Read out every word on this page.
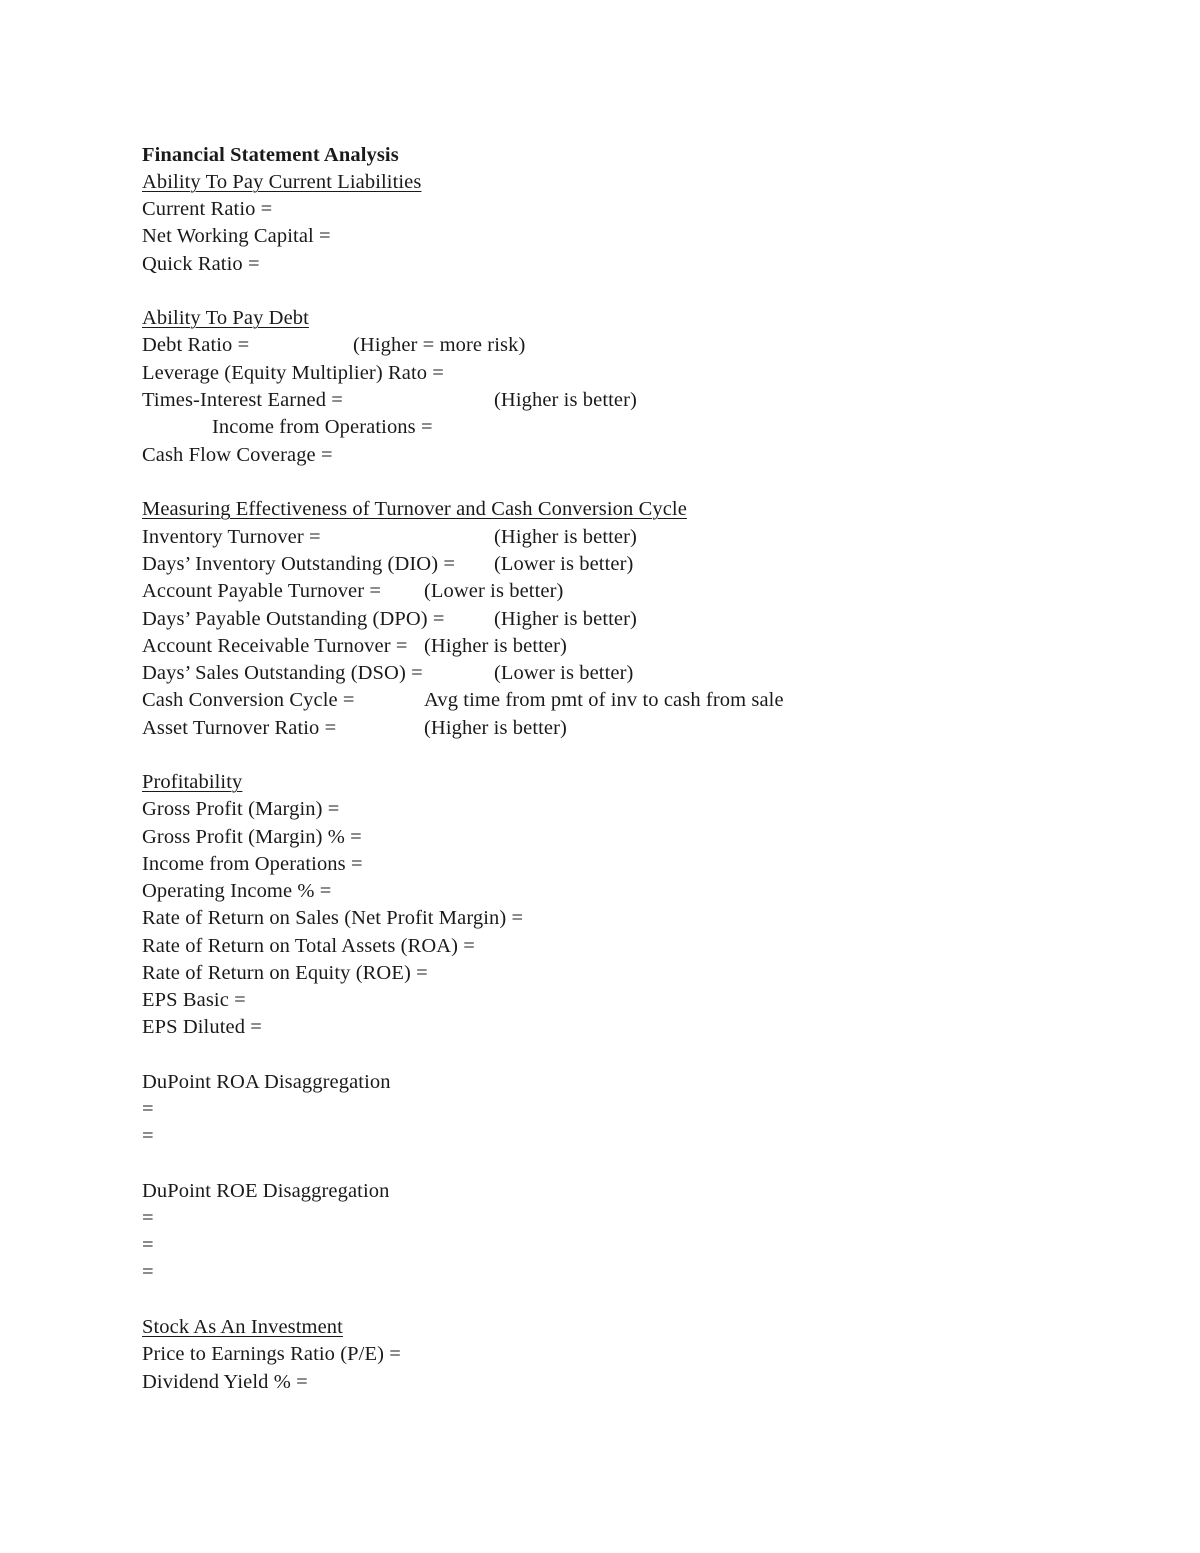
Financial Statement Analysis
Ability To Pay Current Liabilities
Current Ratio =
Net Working Capital =
Quick Ratio =
Ability To Pay Debt
Debt Ratio =	(Higher = more risk)
Leverage (Equity Multiplier) Rato =
Times-Interest Earned =	(Higher is better)
Income from Operations =
Cash Flow Coverage =
Measuring Effectiveness of Turnover and Cash Conversion Cycle
Inventory Turnover =	(Higher is better)
Days’ Inventory Outstanding (DIO) = (Lower is better)
Account Payable Turnover = (Lower is better)
Days’ Payable Outstanding (DPO) = (Higher is better)
Account Receivable Turnover = (Higher is better)
Days’ Sales Outstanding (DSO) =	(Lower is better)
Cash Conversion Cycle =	Avg time from pmt of inv to cash from sale
Asset Turnover Ratio =	(Higher is better)
Profitability
Gross Profit (Margin) =
Gross Profit (Margin) % =
Income from Operations =
Operating Income % =
Rate of Return on Sales (Net Profit Margin) =
Rate of Return on Total Assets (ROA) =
Rate of Return on Equity (ROE) =
EPS Basic =
EPS Diluted =
DuPoint ROA Disaggregation
=
=
DuPoint ROE Disaggregation
=
=
=
Stock As An Investment
Price to Earnings Ratio (P/E) =
Dividend Yield % =
